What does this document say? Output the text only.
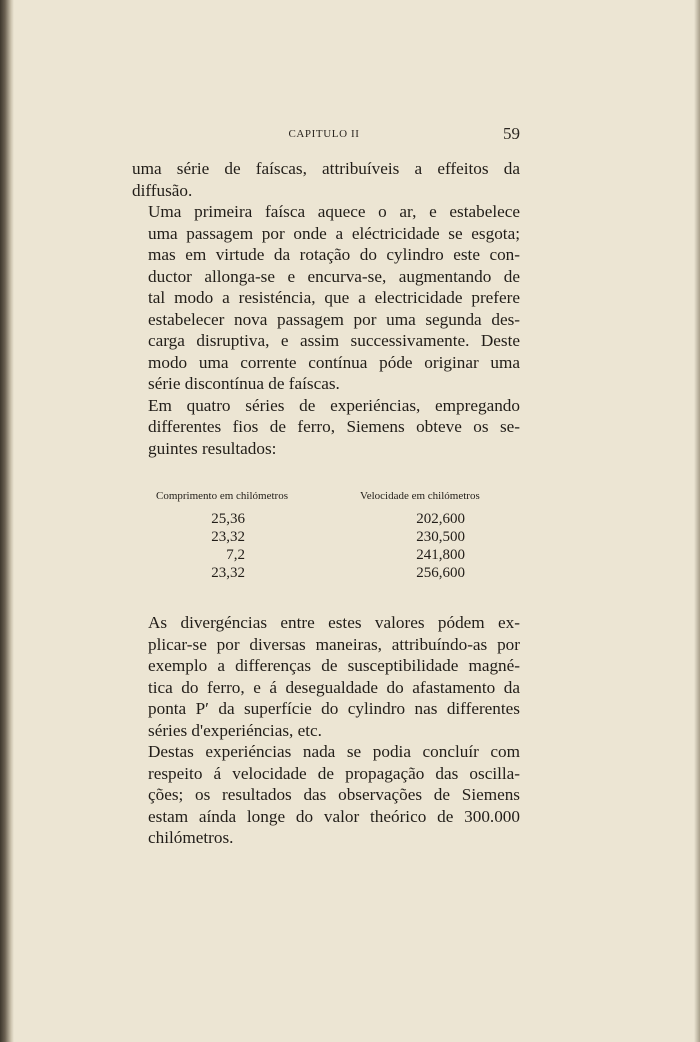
CAPITULO II	59

uma série de faíscas, attribuíveis a effeitos da
diffusão.

Uma primeira faísca aquece o ar, e estabelece
uma passagem por onde a eléctricidade se esgota;
mas em virtude da rotação do cylindro este con-
ductor allonga-se e encurva-se, augmentando de
tal modo a resisténcia, que a electricidade prefere
estabelecer nova passagem por uma segunda des-
carga disruptiva, e assim successivamente. Deste
modo uma corrente contínua póde originar uma
série discontínua de faíscas.

Em quatro séries de experiéncias, empregando
differentes fios de ferro, Siemens obteve os se-
guintes resultados:

Comprimento em chilómetros	Velocidade em chilómetros
25,36	202,600
23,32	230,500
7,2	241,800
23,32	256,600

As divergéncias entre estes valores pódem ex-
plicar-se por diversas maneiras, attribuíndo-as por
exemplo a differenças de susceptibilidade magné-
tica do ferro, e á desegualdade do afastamento da
ponta P′ da superfície do cylindro nas differentes
séries d'experiéncias, etc.

Destas experiéncias nada se podia concluír com
respeito á velocidade de propagação das oscilla-
ções; os resultados das observações de Siemens
estam aínda longe do valor theórico de 300.000
chilómetros.
